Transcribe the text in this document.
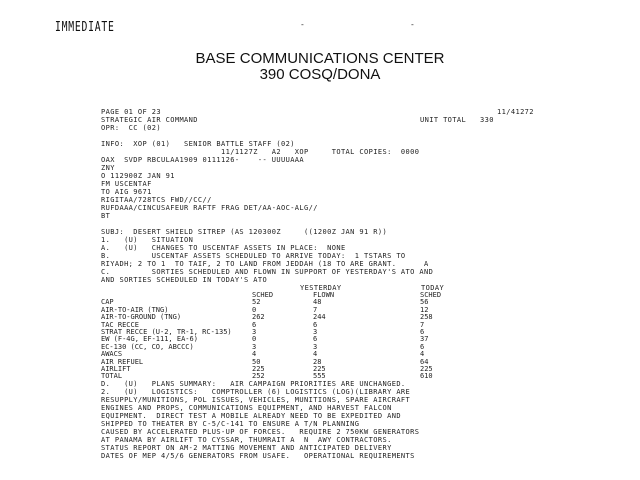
IMMEDIATE	-	-
BASE COMMUNICATIONS CENTER
390 COSQ/DONA
PAGE 01 OF 23	11/41272
STRATEGIC AIR COMMAND	UNIT TOTAL   330
OPR:  CC (02)
INFO:  XOP (01)   SENIOR BATTLE STAFF (02)
11/1127Z   A2   XOP     TOTAL COPIES:  0000
OAX  SVDP RBCULAA1909 0111126-    -- UUUUAAA
ZNY
O 112900Z JAN 91
FM USCENTAF
TO AIG 9671
RIGITAA/728TCS FWD//CC//
RUFDAAA/CINCUSAFEUR RAFTF FRAG DET/AA-AOC-ALG//
BT
SUBJ:  DESERT SHIELD SITREP (AS 120300Z     ((1200Z JAN 91 R))
1.   (U)   SITUATION
A.   (U)   CHANGES TO USCENTAF ASSETS IN PLACE:  NONE
B.         USCENTAF ASSETS SCHEDULED TO ARRIVE TODAY:  1 TSTARS TO
RIYADH; 2 TO 1  TO TAIF, 2 TO LAND FROM JEDDAH (18 TO ARE GRANT.      A
C.         SORTIES SCHEDULED AND FLOWN IN SUPPORT OF YESTERDAY'S ATO AND
AND SORTIES SCHEDULED IN TODAY'S ATO
YESTERDAY	TODAY
SCHED	FLOWN	SCHED
CAP	52	48	56
AIR-TO-AIR (TNG)	0	7	12
AIR-TO-GROUND (TNG)	262	244	258
TAC RECCE	6	6	7
STRAT RECCE (U-2, TR-1, RC-135)	3	3	6
EW (F-4G, EF-111, EA-6)	0	6	37
EC-130 (CC, CO, ABCCC)	3	3	6
AWACS	4	4	4
AIR REFUEL	50	28	64
AIRLIFT	225	225	225
TOTAL	252	555	610
D.   (U)   PLANS SUMMARY:   AIR CAMPAIGN PRIORITIES ARE UNCHANGED.
2.   (U)   LOGISTICS:   COMPTROLLER (6) LOGISTICS (LOG)(LIBRARY ARE
RESUPPLY/MUNITIONS, POL ISSUES, VEHICLES, MUNITIONS, SPARE AIRCRAFT
ENGINES AND PROPS, COMMUNICATIONS EQUIPMENT, AND HARVEST FALCON
EQUIPMENT.  DIRECT TEST A MOBILE ALREADY NEED TO BE EXPEDITED AND
SHIPPED TO THEATER BY C-5/C-141 TO ENSURE A T/N PLANNING
CAUSED BY ACCELERATED PLUS-UP OF FORCES.   REQUIRE 2 750KW GENERATORS
AT PANAMA BY AIRLIFT TO CYSSAR, THUMRAIT A  N  AWY CONTRACTORS.
STATUS REPORT ON AM-2 MATTING MOVEMENT AND ANTICIPATED DELIVERY
DATES OF MEP 4/5/6 GENERATORS FROM USAFE.   OPERATIONAL REQUIREMENTS
